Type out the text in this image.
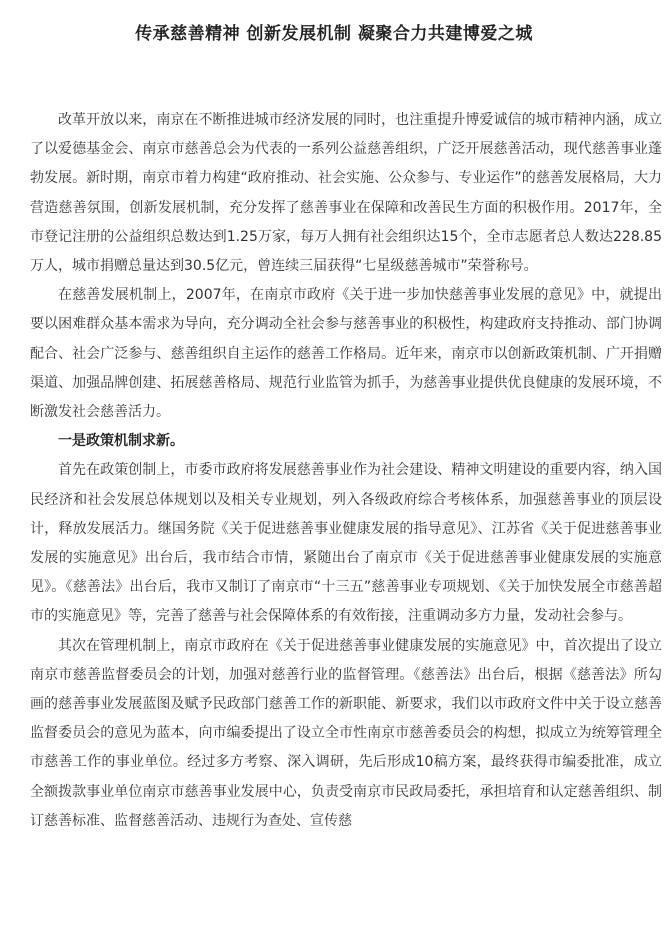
传承慈善精神 创新发展机制 凝聚合力共建博爱之城

改革开放以来，南京在不断推进城市经济发展的同时，也注重提升博爱诚信的城市精神内涵，成立了以爱德基金会、南京市慈善总会为代表的一系列公益慈善组织，广泛开展慈善活动，现代慈善事业蓬勃发展。新时期，南京市着力构建“政府推动、社会实施、公众参与、专业运作”的慈善发展格局，大力营造慈善氛围，创新发展机制，充分发挥了慈善事业在保障和改善民生方面的积极作用。2017年，全市登记注册的公益组织总数达到1.25万家，每万人拥有社会组织达15个，全市志愿者总人数达228.85万人，城市捐赠总量达到30.5亿元，曾连续三届获得“七星级慈善城市”荣誉称号。

在慈善发展机制上，2007年，在南京市政府《关于进一步加快慈善事业发展的意见》中，就提出要以困难群众基本需求为导向，充分调动全社会参与慈善事业的积极性，构建政府支持推动、部门协调配合、社会广泛参与、慈善组织自主运作的慈善工作格局。近年来，南京市以创新政策机制、广开捐赠渠道、加强品牌创建、拓展慈善格局、规范行业监管为抓手，为慈善事业提供优良健康的发展环境，不断激发社会慈善活力。

一是政策机制求新。

首先在政策创制上，市委市政府将发展慈善事业作为社会建设、精神文明建设的重要内容，纳入国民经济和社会发展总体规划以及相关专业规划，列入各级政府综合考核体系，加强慈善事业的顶层设计，释放发展活力。继国务院《关于促进慈善事业健康发展的指导意见》、江苏省《关于促进慈善事业发展的实施意见》出台后，我市结合市情，紧随出台了南京市《关于促进慈善事业健康发展的实施意见》。《慈善法》出台后，我市又制订了南京市“十三五”慈善事业专项规划、《关于加快发展全市慈善超市的实施意见》等，完善了慈善与社会保障体系的有效衔接，注重调动多方力量，发动社会参与。

其次在管理机制上，南京市政府在《关于促进慈善事业健康发展的实施意见》中，首次提出了设立南京市慈善监督委员会的计划，加强对慈善行业的监督管理。《慈善法》出台后，根据《慈善法》所勾画的慈善事业发展蓝图及赋予民政部门慈善工作的新职能、新要求，我们以市政府文件中关于设立慈善监督委员会的意见为蓝本，向市编委提出了设立全市性南京市慈善委员会的构想，拟成立为统筹管理全市慈善工作的事业单位。经过多方考察、深入调研，先后形成10稿方案，最终获得市编委批准，成立全额拨款事业单位南京市慈善事业发展中心，负责受南京市民政局委托，承担培育和认定慈善组织、制订慈善标准、监督慈善活动、违规行为查处、宣传慈
